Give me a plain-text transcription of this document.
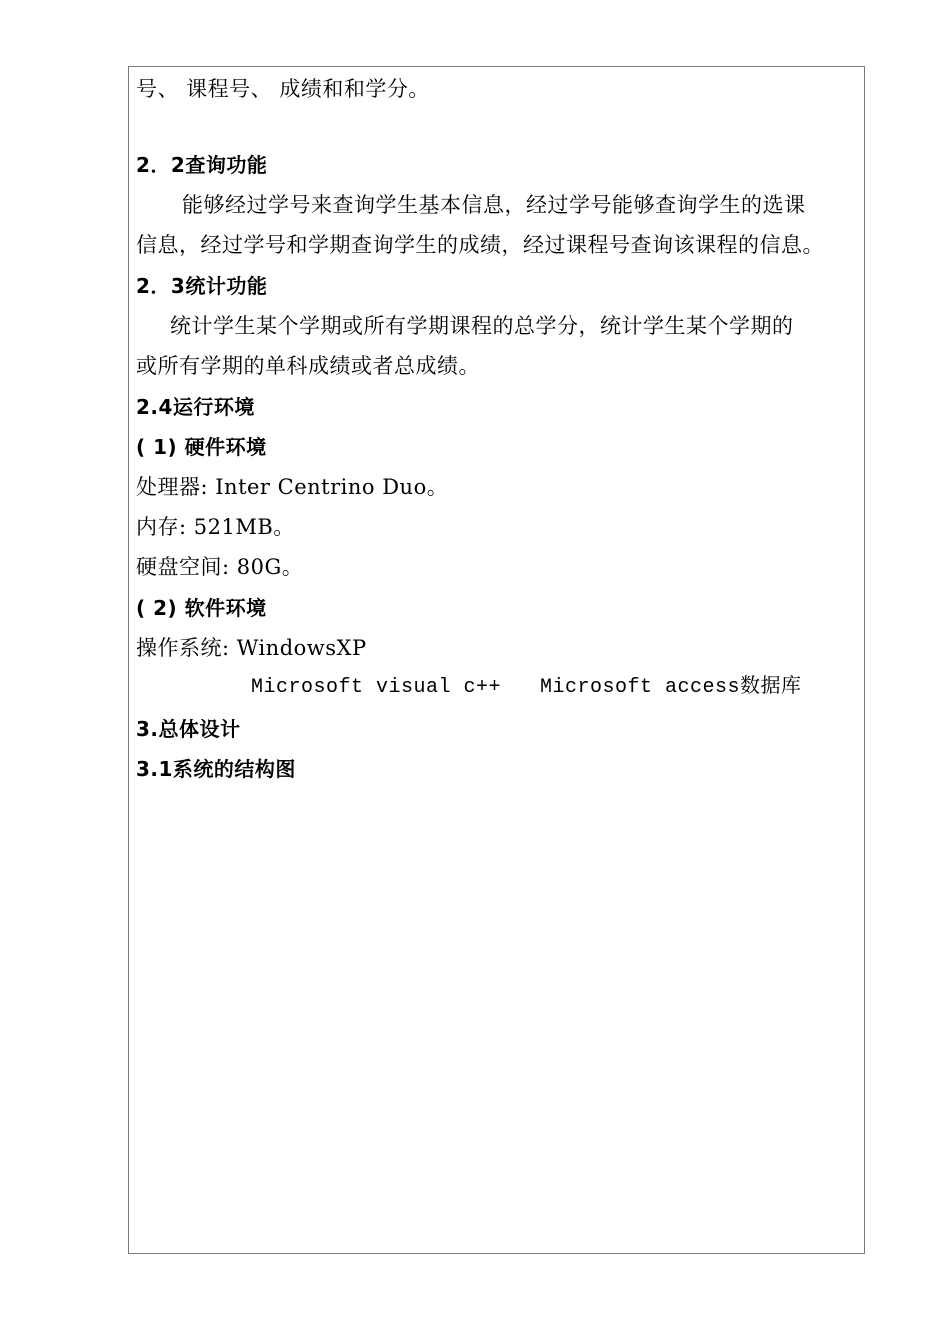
号、 课程号、 成绩和和学分。
2．2查询功能
能够经过学号来查询学生基本信息，经过学号能够查询学生的选课
信息，经过学号和学期查询学生的成绩，经过课程号查询该课程的信息。
2．3统计功能
统计学生某个学期或所有学期课程的总学分，统计学生某个学期的
或所有学期的单科成绩或者总成绩。
2.4运行环境
( 1) 硬件环境
处理器: Inter Centrino Duo。
内存: 521MB。
硬盘空间: 80G。
( 2) 软件环境
操作系统: WindowsXP
Microsoft visual c++ Microsoft access数据库
3.总体设计
3.1系统的结构图
